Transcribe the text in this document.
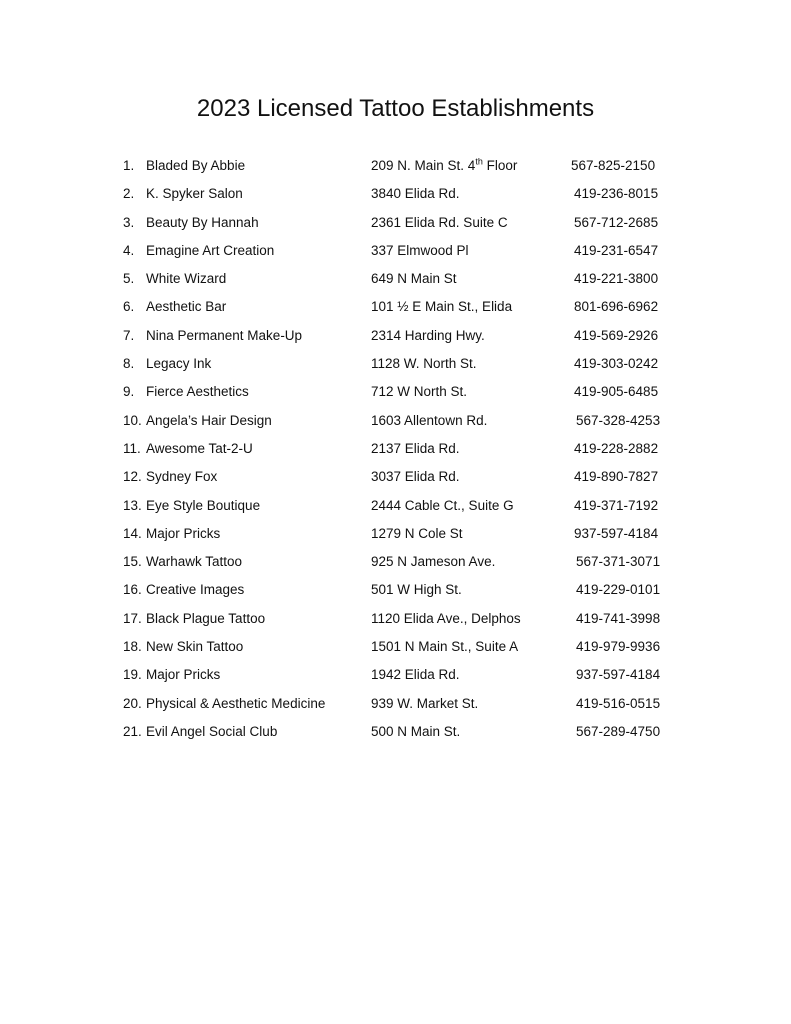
2023 Licensed Tattoo Establishments
1. Bladed By Abbie	209 N. Main St. 4th Floor	567-825-2150
2. K. Spyker Salon	3840 Elida Rd.	419-236-8015
3. Beauty By Hannah	2361 Elida Rd. Suite C	567-712-2685
4. Emagine Art Creation	337 Elmwood Pl	419-231-6547
5. White Wizard	649 N Main St	419-221-3800
6. Aesthetic Bar	101 ½ E Main St., Elida	801-696-6962
7. Nina Permanent Make-Up	2314 Harding Hwy.	419-569-2926
8. Legacy Ink	1128 W. North St.	419-303-0242
9. Fierce Aesthetics	712 W North St.	419-905-6485
10. Angela’s Hair Design	1603 Allentown Rd.	567-328-4253
11. Awesome Tat-2-U	2137 Elida Rd.	419-228-2882
12. Sydney Fox	3037 Elida Rd.	419-890-7827
13. Eye Style Boutique	2444 Cable Ct., Suite G	419-371-7192
14. Major Pricks	1279 N Cole St	937-597-4184
15. Warhawk Tattoo	925 N Jameson Ave.	567-371-3071
16. Creative Images	501 W High St.	419-229-0101
17. Black Plague Tattoo	1120 Elida Ave., Delphos	419-741-3998
18. New Skin Tattoo	1501 N Main St., Suite A	419-979-9936
19. Major Pricks	1942 Elida Rd.	937-597-4184
20. Physical & Aesthetic Medicine	939 W. Market St.	419-516-0515
21. Evil Angel Social Club	500 N Main St.	567-289-4750
